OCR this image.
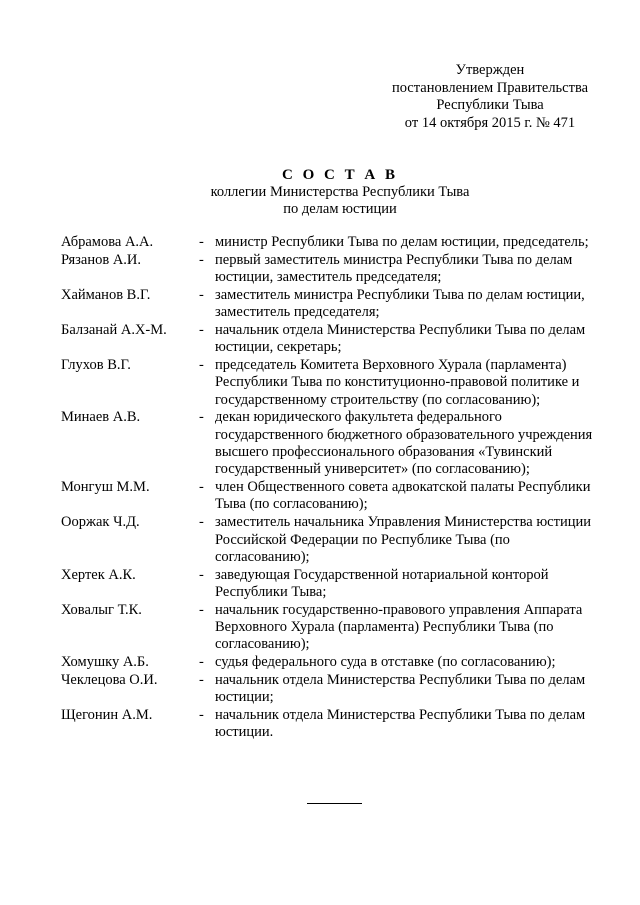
Утвержден
постановлением Правительства
Республики Тыва
от 14 октября 2015 г. № 471
С О С Т А В
коллегии Министерства Республики Тыва
по делам юстиции
Абрамова А.А.	- министр Республики Тыва по делам юстиции, председатель;
Рязанов А.И.	- первый заместитель министра Республики Тыва по делам юстиции, заместитель председателя;
Хайманов В.Г.	- заместитель министра Республики Тыва по делам юстиции, заместитель председателя;
Балзанай А.Х-М.	- начальник отдела Министерства Республики Тыва по делам юстиции, секретарь;
Глухов В.Г.	- председатель Комитета Верховного Хурала (парламента) Республики Тыва по конституционно-правовой политике и государственному строительству (по согласованию);
Минаев А.В.	- декан юридического факультета федерального государственного бюджетного образовательного учреждения высшего профессионального образования «Тувинский государственный университет» (по согласованию);
Монгуш М.М.	- член Общественного совета адвокатской палаты Республики Тыва (по согласованию);
Ооржак Ч.Д.	- заместитель начальника Управления Министерства юстиции Российской Федерации по Республике Тыва (по согласованию);
Хертек А.К.	- заведующая Государственной нотариальной конторой Республики Тыва;
Ховалыг Т.К.	- начальник государственно-правового управления Аппарата Верховного Хурала (парламента) Республики Тыва (по согласованию);
Хомушку А.Б.	- судья федерального суда в отставке (по согласованию);
Чеклецова О.И.	- начальник отдела Министерства Республики Тыва по делам юстиции;
Щегонин А.М.	- начальник отдела Министерства Республики Тыва по делам юстиции.
